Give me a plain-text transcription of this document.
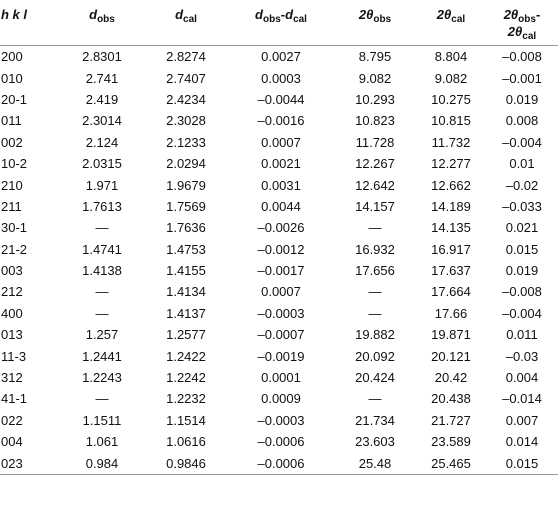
h k l	$d_{obs}$	$d_{cal}$	$d_{obs}-d_{cal}$	$2\theta_{obs}$	$2\theta_{cal}$	$2\theta_{obs}-$
$2\theta_{cal}$
200	2.8301	2.8274	0.0027	8.795	8.804	–0.008
010	2.741	2.7407	0.0003	9.082	9.082	–0.001
20-1	2.419	2.4234	–0.0044	10.293	10.275	0.019
011	2.3014	2.3028	–0.0016	10.823	10.815	0.008
002	2.124	2.1233	0.0007	11.728	11.732	–0.004
10-2	2.0315	2.0294	0.0021	12.267	12.277	0.01
210	1.971	1.9679	0.0031	12.642	12.662	–0.02
211	1.7613	1.7569	0.0044	14.157	14.189	–0.033
30-1	—	1.7636	–0.0026	—	14.135	0.021
21-2	1.4741	1.4753	–0.0012	16.932	16.917	0.015
003	1.4138	1.4155	–0.0017	17.656	17.637	0.019
212	—	1.4134	0.0007	—	17.664	–0.008
400	—	1.4137	–0.0003	—	17.66	–0.004
013	1.257	1.2577	–0.0007	19.882	19.871	0.011
11-3	1.2441	1.2422	–0.0019	20.092	20.121	–0.03
312	1.2243	1.2242	0.0001	20.424	20.42	0.004
41-1	—	1.2232	0.0009	—	20.438	–0.014
022	1.1511	1.1514	–0.0003	21.734	21.727	0.007
004	1.061	1.0616	–0.0006	23.603	23.589	0.014
023	0.984	0.9846	–0.0006	25.48	25.465	0.015
